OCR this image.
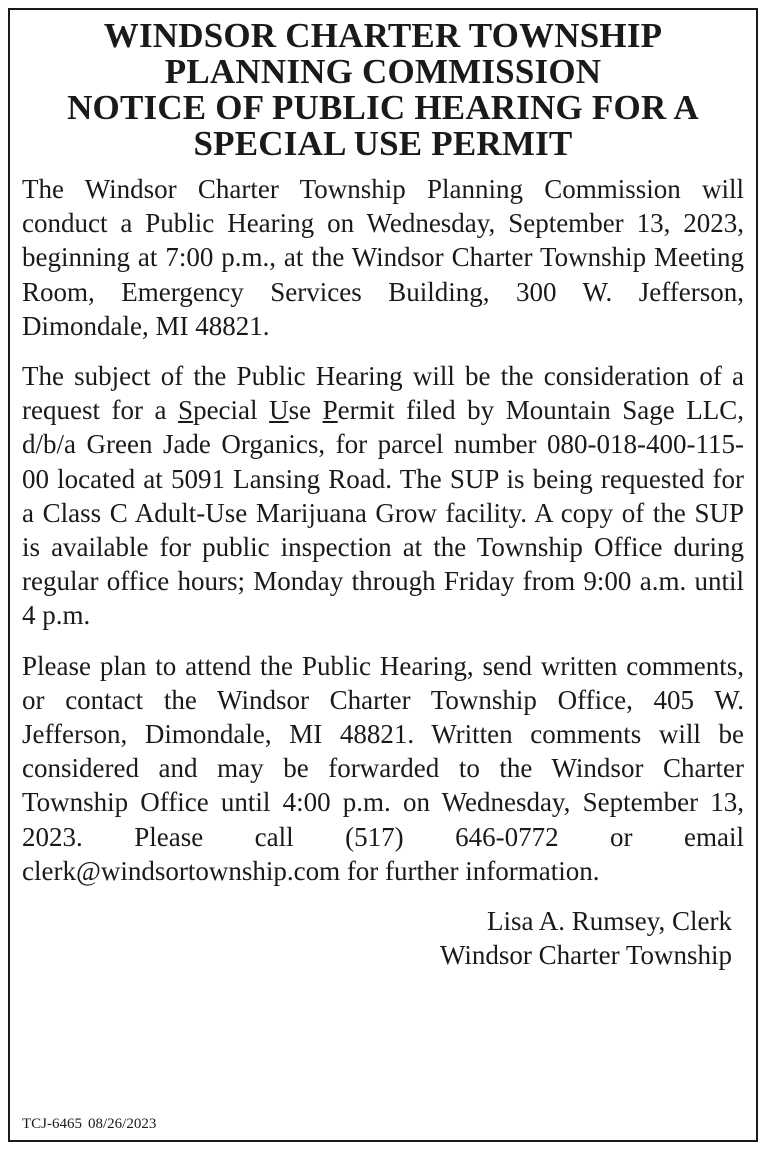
WINDSOR CHARTER TOWNSHIP
PLANNING COMMISSION
NOTICE OF PUBLIC HEARING FOR A
SPECIAL USE PERMIT

The Windsor Charter Township Planning Commission will conduct a Public Hearing on Wednesday, September 13, 2023, beginning at 7:00 p.m., at the Windsor Charter Township Meeting Room, Emergency Services Building, 300 W. Jefferson, Dimondale, MI 48821.

The subject of the Public Hearing will be the consideration of a request for a Special Use Permit filed by Mountain Sage LLC, d/b/a Green Jade Organics, for parcel number 080-018-400-115-00 located at 5091 Lansing Road. The SUP is being requested for a Class C Adult-Use Marijuana Grow facility. A copy of the SUP is available for public inspection at the Township Office during regular office hours; Monday through Friday from 9:00 a.m. until 4 p.m.

Please plan to attend the Public Hearing, send written comments, or contact the Windsor Charter Township Office, 405 W. Jefferson, Dimondale, MI 48821. Written comments will be considered and may be forwarded to the Windsor Charter Township Office until 4:00 p.m. on Wednesday, September 13, 2023. Please call (517) 646-0772 or email clerk@windsortownship.com for further information.

Lisa A. Rumsey, Clerk
Windsor Charter Township
TCJ-6465 08/26/2023
